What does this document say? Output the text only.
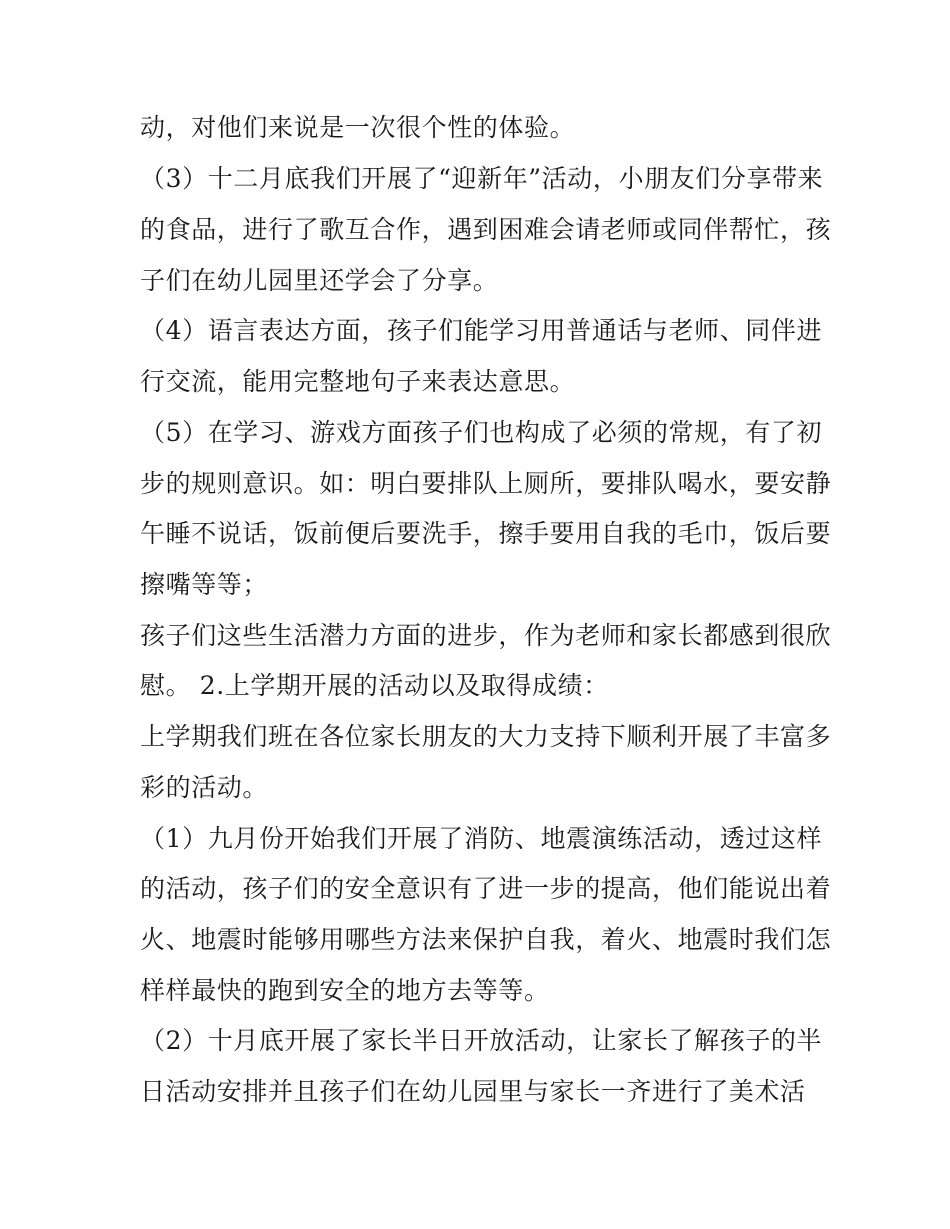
动，对他们来说是一次很个性的体验。
（3）十二月底我们开展了“迎新年”活动，小朋友们分享带来
的食品，进行了歌互合作，遇到困难会请老师或同伴帮忙，孩
子们在幼儿园里还学会了分享。
（4）语言表达方面，孩子们能学习用普通话与老师、同伴进
行交流，能用完整地句子来表达意思。
（5）在学习、游戏方面孩子们也构成了必须的常规，有了初
步的规则意识。如：明白要排队上厕所，要排队喝水，要安静
午睡不说话，饭前便后要洗手，擦手要用自我的毛巾，饭后要
擦嘴等等；
孩子们这些生活潜力方面的进步，作为老师和家长都感到很欣
慰。 2.上学期开展的活动以及取得成绩：
上学期我们班在各位家长朋友的大力支持下顺利开展了丰富多
彩的活动。
（1）九月份开始我们开展了消防、地震演练活动，透过这样
的活动，孩子们的安全意识有了进一步的提高，他们能说出着
火、地震时能够用哪些方法来保护自我，着火、地震时我们怎
样样最快的跑到安全的地方去等等。
（2）十月底开展了家长半日开放活动，让家长了解孩子的半
日活动安排并且孩子们在幼儿园里与家长一齐进行了美术活
